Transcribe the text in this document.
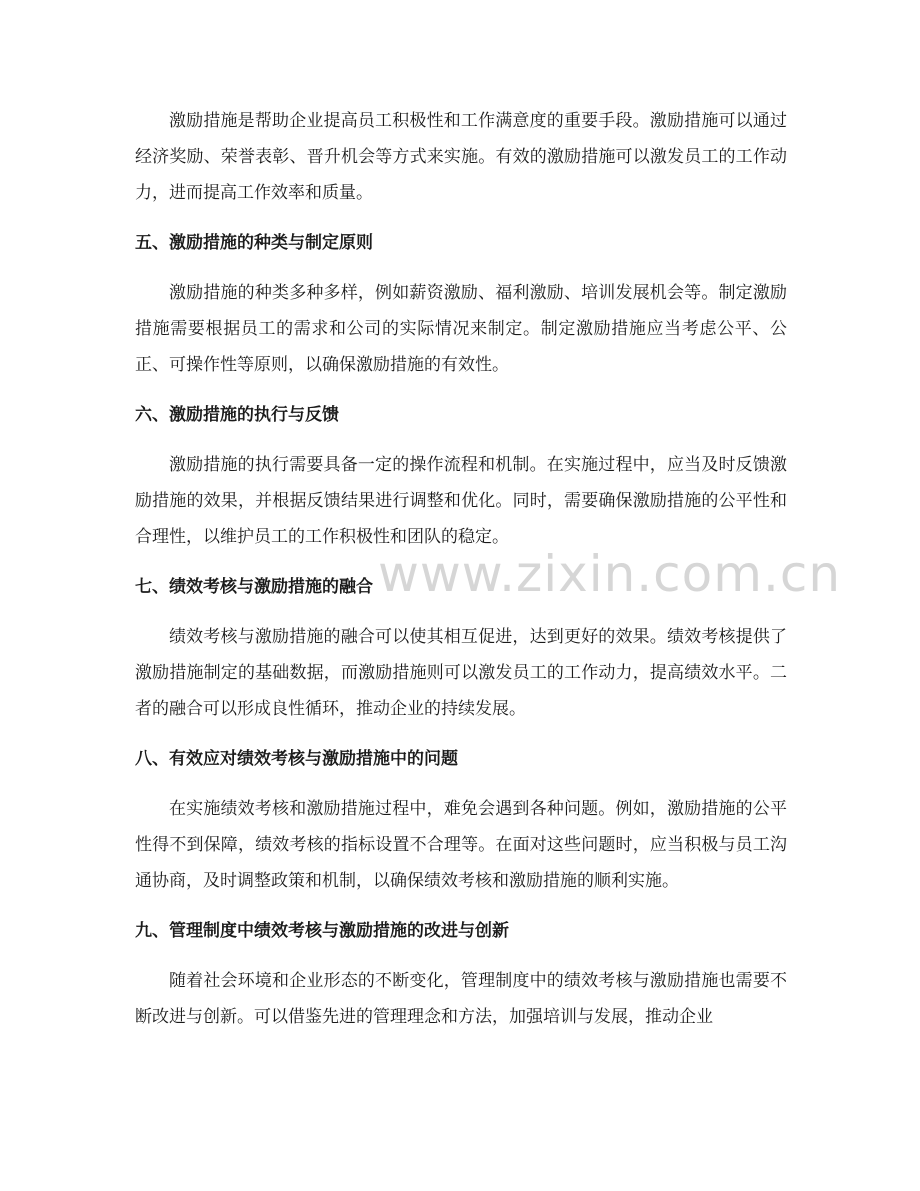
www.zixin.com.cn

激励措施是帮助企业提高员工积极性和工作满意度的重要手段。激励措施可以通过经济奖励、荣誉表彰、晋升机会等方式来实施。有效的激励措施可以激发员工的工作动力，进而提高工作效率和质量。

五、激励措施的种类与制定原则

激励措施的种类多种多样，例如薪资激励、福利激励、培训发展机会等。制定激励措施需要根据员工的需求和公司的实际情况来制定。制定激励措施应当考虑公平、公正、可操作性等原则，以确保激励措施的有效性。

六、激励措施的执行与反馈

激励措施的执行需要具备一定的操作流程和机制。在实施过程中，应当及时反馈激励措施的效果，并根据反馈结果进行调整和优化。同时，需要确保激励措施的公平性和合理性，以维护员工的工作积极性和团队的稳定。

七、绩效考核与激励措施的融合

绩效考核与激励措施的融合可以使其相互促进，达到更好的效果。绩效考核提供了激励措施制定的基础数据，而激励措施则可以激发员工的工作动力，提高绩效水平。二者的融合可以形成良性循环，推动企业的持续发展。

八、有效应对绩效考核与激励措施中的问题

在实施绩效考核和激励措施过程中，难免会遇到各种问题。例如，激励措施的公平性得不到保障，绩效考核的指标设置不合理等。在面对这些问题时，应当积极与员工沟通协商，及时调整政策和机制，以确保绩效考核和激励措施的顺利实施。

九、管理制度中绩效考核与激励措施的改进与创新

随着社会环境和企业形态的不断变化，管理制度中的绩效考核与激励措施也需要不断改进与创新。可以借鉴先进的管理理念和方法，加强培训与发展，推动企业
